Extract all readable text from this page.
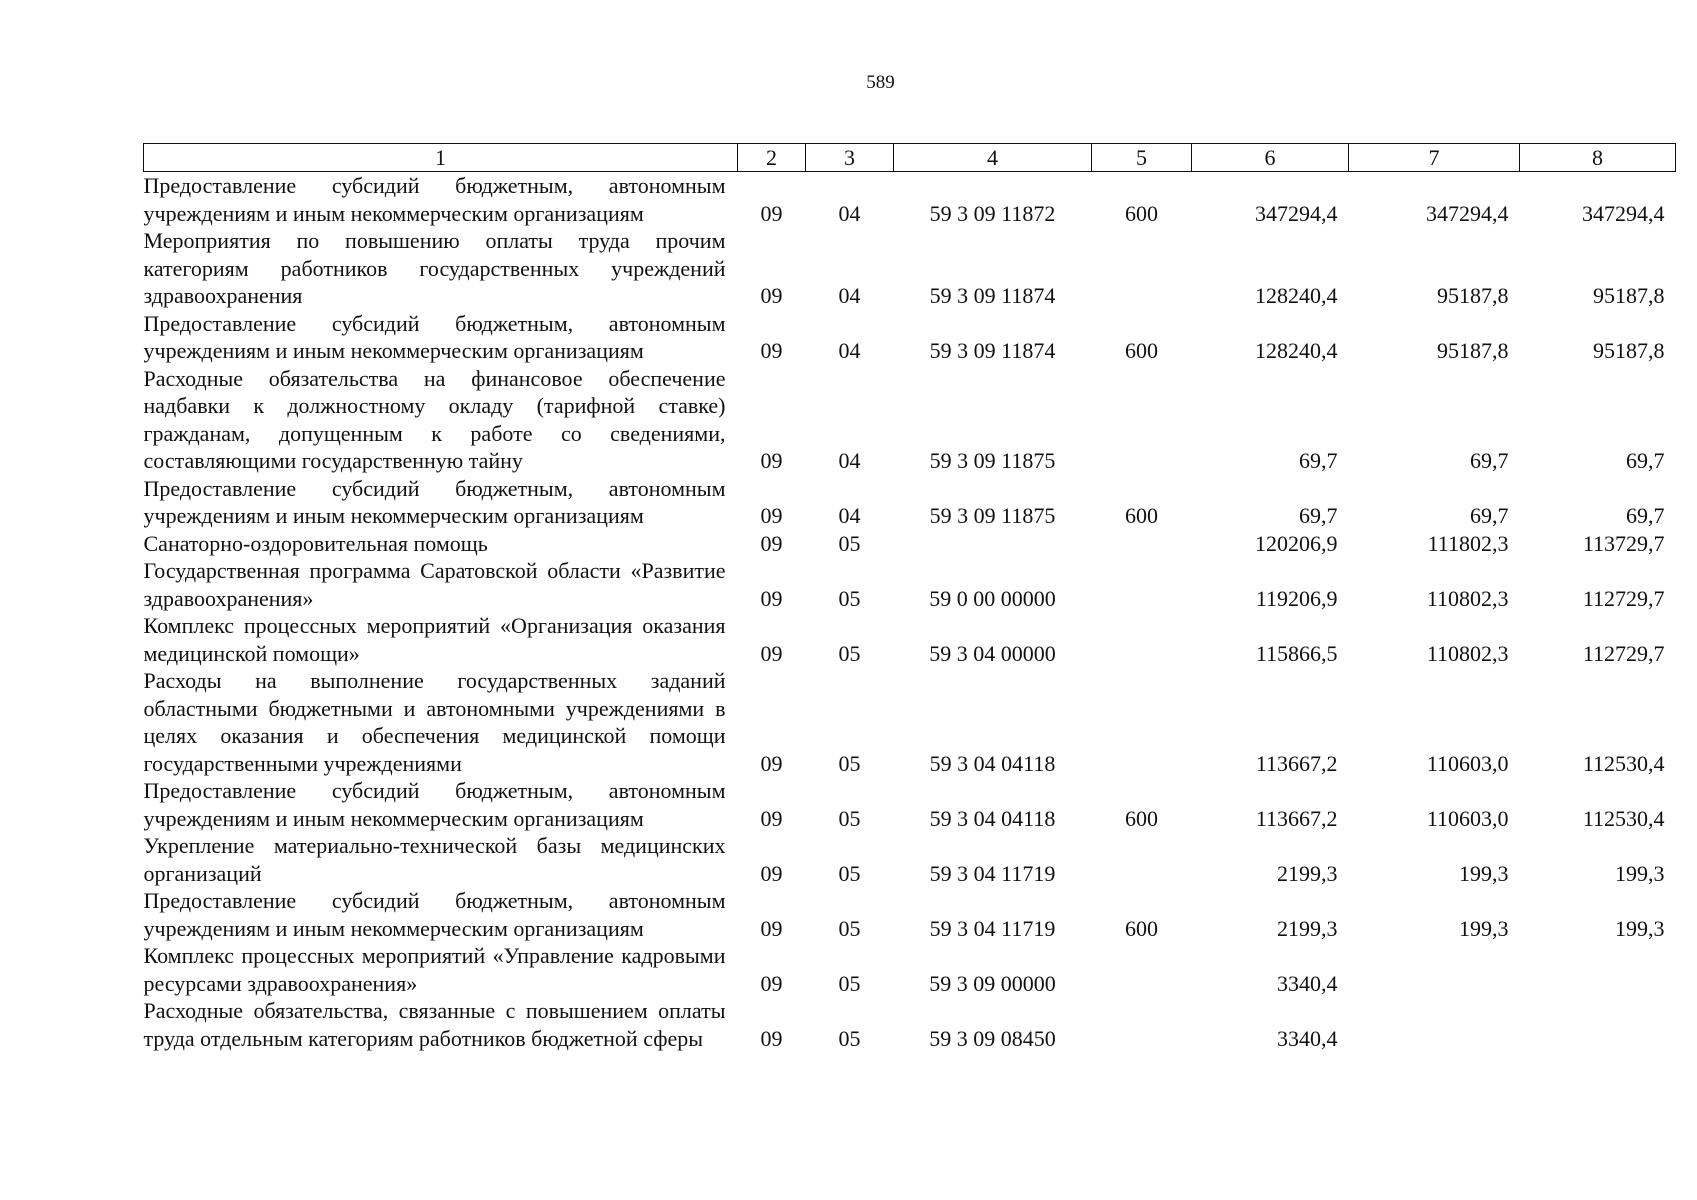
589
1	2	3	4	5	6	7	8
Предоставление субсидий бюджетным, автономным учреждениям и иным некоммерческим организациям	09	04	59 3 09 11872	600	347294,4	347294,4	347294,4
Мероприятия по повышению оплаты труда прочим категориям работников государственных учреждений здравоохранения	09	04	59 3 09 11874		128240,4	95187,8	95187,8
Предоставление субсидий бюджетным, автономным учреждениям и иным некоммерческим организациям	09	04	59 3 09 11874	600	128240,4	95187,8	95187,8
Расходные обязательства на финансовое обеспечение надбавки к должностному окладу (тарифной ставке) гражданам, допущенным к работе со сведениями, составляющими государственную тайну	09	04	59 3 09 11875		69,7	69,7	69,7
Предоставление субсидий бюджетным, автономным учреждениям и иным некоммерческим организациям	09	04	59 3 09 11875	600	69,7	69,7	69,7
Санаторно-оздоровительная помощь	09	05			120206,9	111802,3	113729,7
Государственная программа Саратовской области «Развитие здравоохранения»	09	05	59 0 00 00000		119206,9	110802,3	112729,7
Комплекс процессных мероприятий «Организация оказания медицинской помощи»	09	05	59 3 04 00000		115866,5	110802,3	112729,7
Расходы на выполнение государственных заданий областными бюджетными и автономными учреждениями в целях оказания и обеспечения медицинской помощи государственными учреждениями	09	05	59 3 04 04118		113667,2	110603,0	112530,4
Предоставление субсидий бюджетным, автономным учреждениям и иным некоммерческим организациям	09	05	59 3 04 04118	600	113667,2	110603,0	112530,4
Укрепление материально-технической базы медицинских организаций	09	05	59 3 04 11719		2199,3	199,3	199,3
Предоставление субсидий бюджетным, автономным учреждениям и иным некоммерческим организациям	09	05	59 3 04 11719	600	2199,3	199,3	199,3
Комплекс процессных мероприятий «Управление кадровыми ресурсами здравоохранения»	09	05	59 3 09 00000		3340,4		
Расходные обязательства, связанные с повышением оплаты труда отдельным категориям работников бюджетной сферы	09	05	59 3 09 08450		3340,4		
